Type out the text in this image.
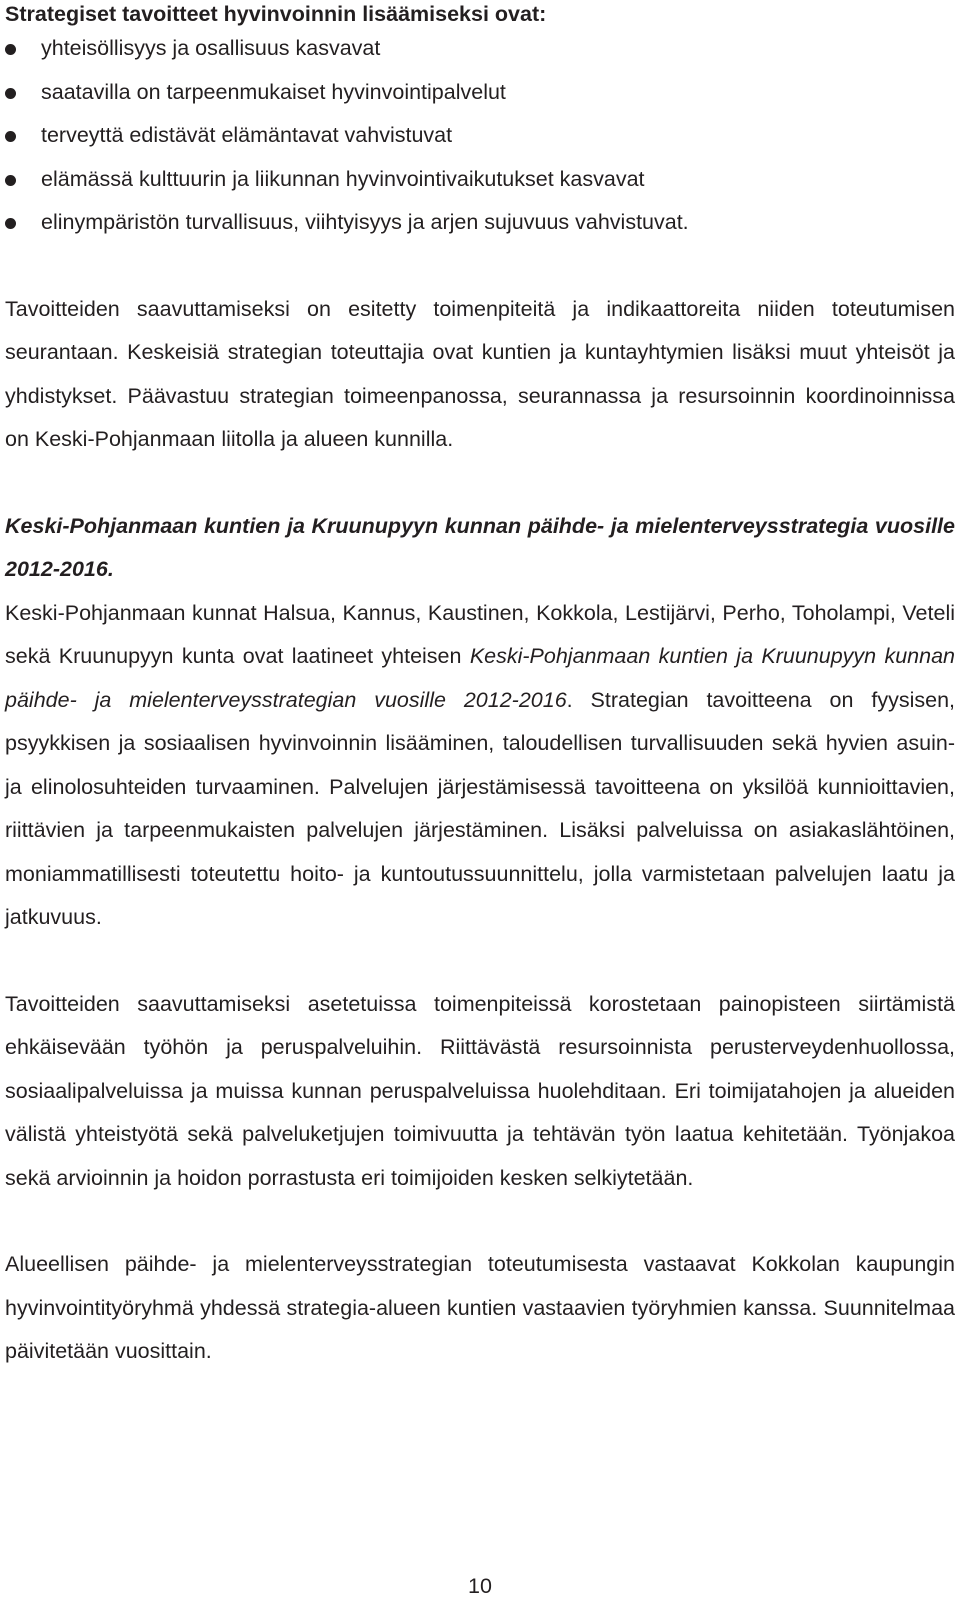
Strategiset tavoitteet hyvinvoinnin lisäämiseksi ovat:
yhteisöllisyys ja osallisuus kasvavat
saatavilla on tarpeenmukaiset hyvinvointipalvelut
terveyttä edistävät elämäntavat vahvistuvat
elämässä kulttuurin ja liikunnan hyvinvointivaikutukset kasvavat
elinympäristön turvallisuus, viihtyisyys ja arjen sujuvuus vahvistuvat.

Tavoitteiden saavuttamiseksi on esitetty toimenpiteitä ja indikaattoreita niiden toteutumisen seurantaan. Keskeisiä strategian toteuttajia ovat kuntien ja kuntayhtymien lisäksi muut yhteisöt ja yhdistykset. Päävastuu strategian toimeenpanossa, seurannassa ja resursoinnin koordinoinnissa on Keski-Pohjanmaan liitolla ja alueen kunnilla.

Keski-Pohjanmaan kuntien ja Kruunupyyn kunnan päihde- ja mielenterveysstrategia vuosille 2012-2016.

Keski-Pohjanmaan kunnat Halsua, Kannus, Kaustinen, Kokkola, Lestijärvi, Perho, Toholampi, Veteli sekä Kruunupyyn kunta ovat laatineet yhteisen Keski-Pohjanmaan kuntien ja Kruunupyyn kunnan päihde- ja mielenterveysstrategian vuosille 2012-2016. Strategian tavoitteena on fyysisen, psyykkisen ja sosiaalisen hyvinvoinnin lisääminen, taloudellisen turvallisuuden sekä hyvien asuin- ja elinolosuhteiden turvaaminen. Palvelujen järjestämisessä tavoitteena on yksilöä kunnioittavien, riittävien ja tarpeenmukaisten palvelujen järjestäminen. Lisäksi palveluissa on asiakaslähtöinen, moniammatillisesti toteutettu hoito- ja kuntoutussuunnittelu, jolla varmistetaan palvelujen laatu ja jatkuvuus.

Tavoitteiden saavuttamiseksi asetetuissa toimenpiteissä korostetaan painopisteen siirtämistä ehkäisevään työhön ja peruspalveluihin. Riittävästä resursoinnista perusterveydenhuollossa, sosiaalipalveluissa ja muissa kunnan peruspalveluissa huolehditaan. Eri toimijatahojen ja alueiden välistä yhteistyötä sekä palveluketjujen toimivuutta ja tehtävän työn laatua kehitetään. Työnjakoa sekä arvioinnin ja hoidon porrastusta eri toimijoiden kesken selkiytetään.

Alueellisen päihde- ja mielenterveysstrategian toteutumisesta vastaavat Kokkolan kaupungin hyvinvointityöryhmä yhdessä strategia-alueen kuntien vastaavien työryhmien kanssa. Suunnitelmaa päivitetään vuosittain.

10
